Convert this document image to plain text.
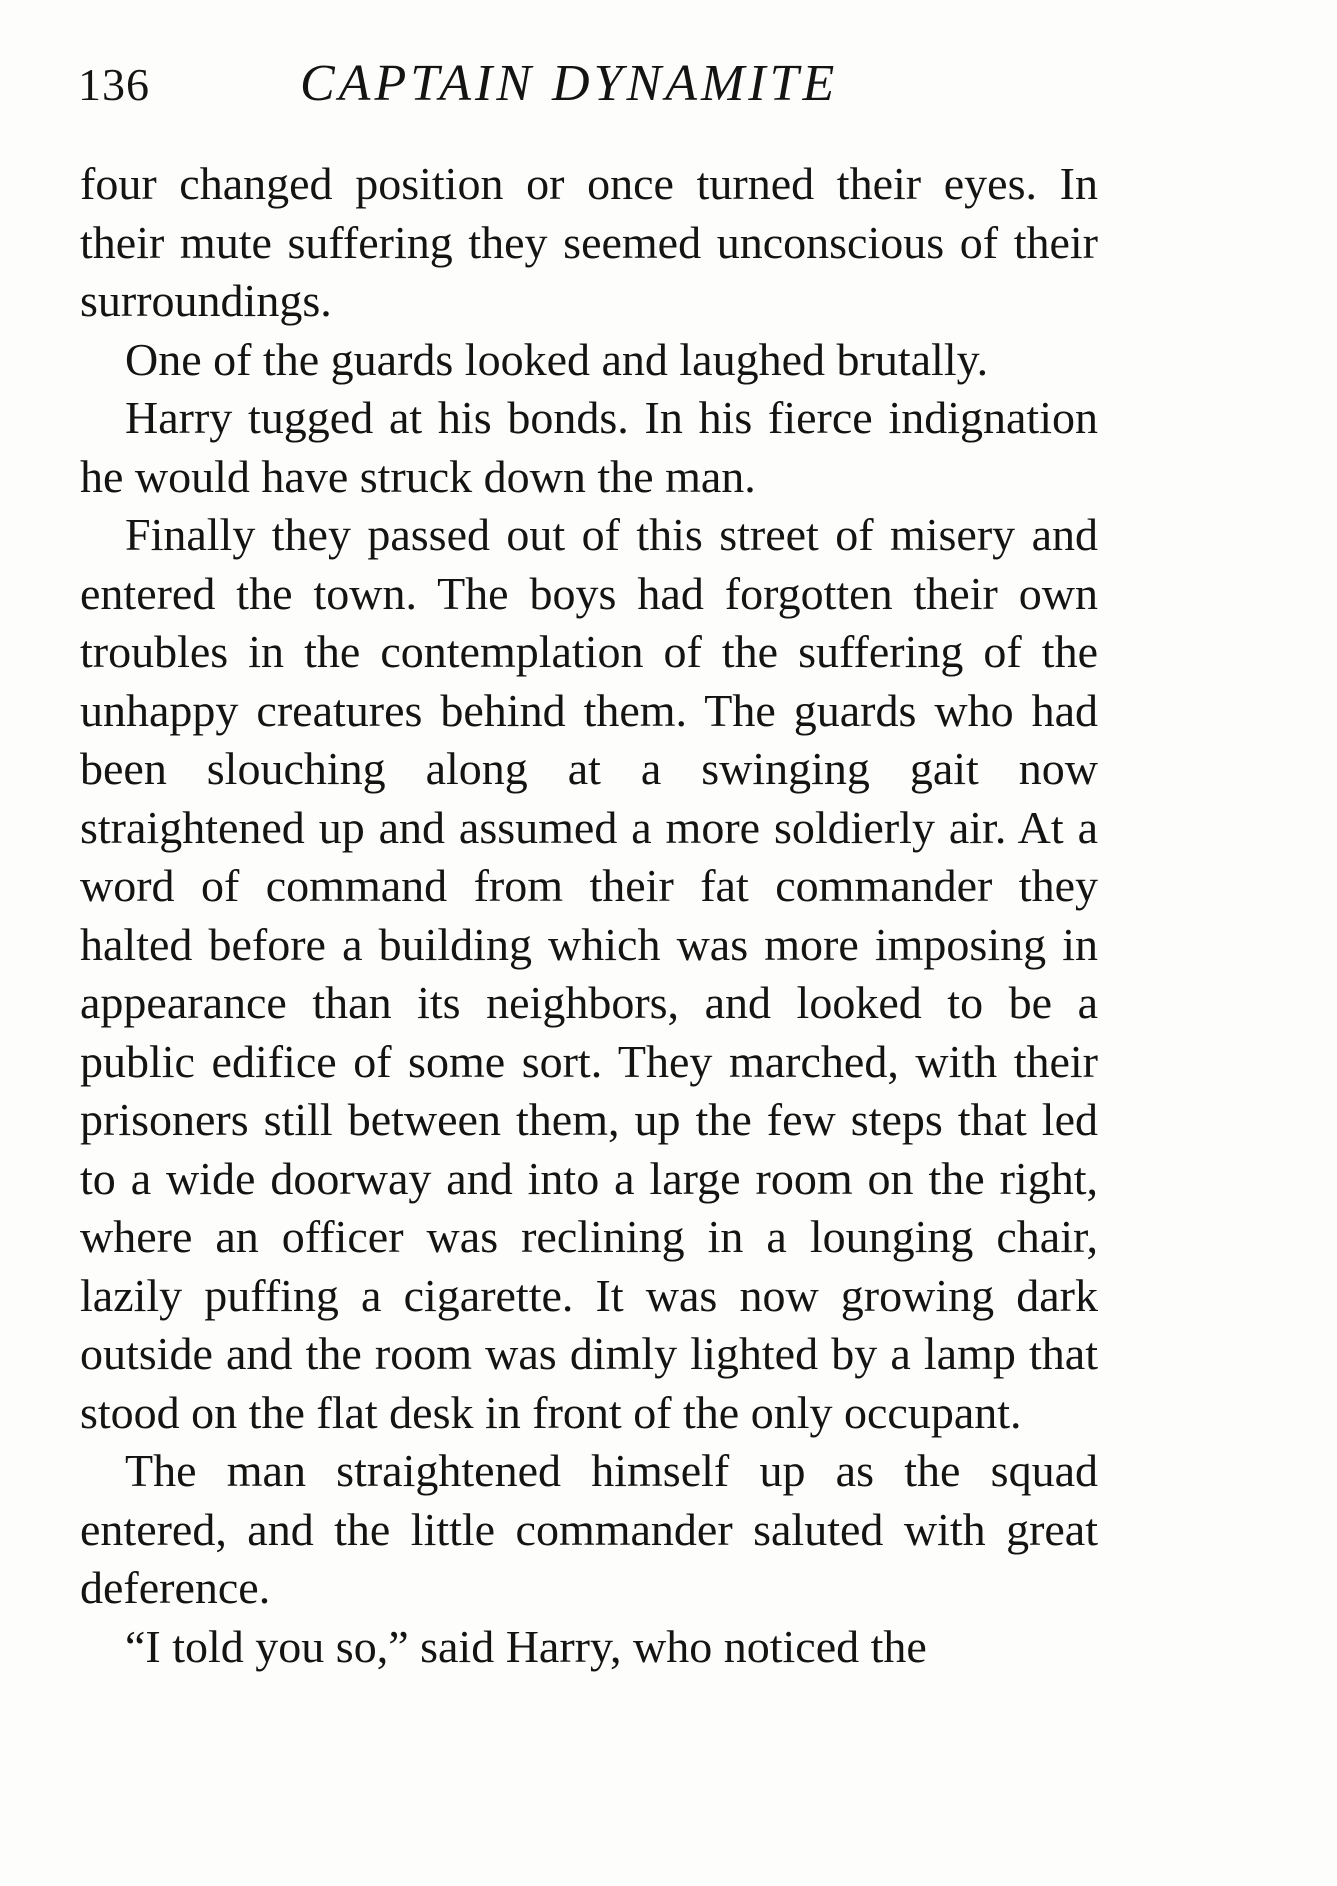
136	CAPTAIN DYNAMITE

four changed position or once turned their eyes. In their mute suffering they seemed unconscious of their surroundings.

One of the guards looked and laughed brutally.

Harry tugged at his bonds. In his fierce indignation he would have struck down the man.

Finally they passed out of this street of misery and entered the town. The boys had forgotten their own troubles in the contemplation of the suffering of the unhappy creatures behind them. The guards who had been slouching along at a swinging gait now straightened up and assumed a more soldierly air. At a word of command from their fat commander they halted before a building which was more imposing in appearance than its neighbors, and looked to be a public edifice of some sort. They marched, with their prisoners still between them, up the few steps that led to a wide doorway and into a large room on the right, where an officer was reclining in a lounging chair, lazily puffing a cigarette. It was now growing dark outside and the room was dimly lighted by a lamp that stood on the flat desk in front of the only occupant.

The man straightened himself up as the squad entered, and the little commander saluted with great deference.

“I told you so,” said Harry, who noticed the
